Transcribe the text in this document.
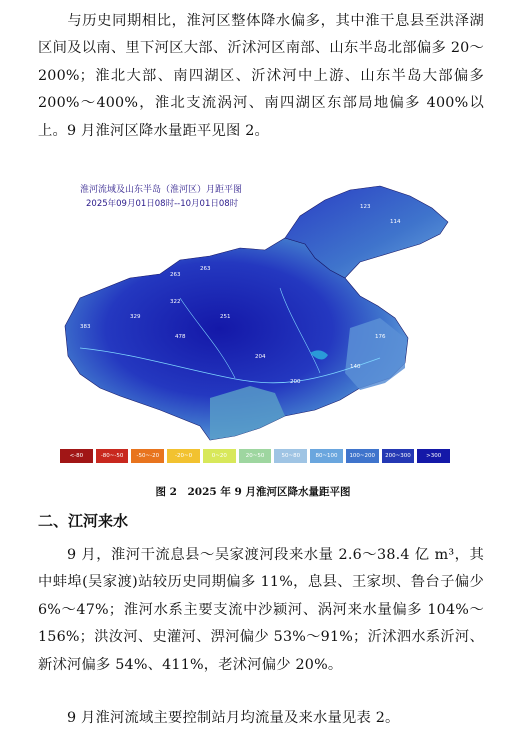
与历史同期相比，淮河区整体降水偏多，其中淮干息县至洪泽湖区间及以南、里下河区大部、沂沭河区南部、山东半岛北部偏多 20～200%；淮北大部、南四湖区、沂沭河中上游、山东半岛大部偏多 200%～400%，淮北支流涡河、南四湖区东部局地偏多 400%以上。9 月淮河区降水量距平见图 2。
123
114
263
263
322
478
383
200
176
162
204
251
178
140
329
淮河流域及山东半岛（淮河区）月距平图
2025年09月01日08时--10月01日08时
<-80	-80~-50	-50~-20	-20~0	0~20	20~50	50~80	80~100	100~200	200~300	>300
图 2　2025 年 9 月淮河区降水量距平图
二、江河来水
9 月，淮河干流息县～吴家渡河段来水量 2.6～38.4 亿 m³，其中蚌埠(吴家渡)站较历史同期偏多 11%，息县、王家坝、鲁台子偏少 6%～47%；淮河水系主要支流中沙颍河、涡河来水量偏多 104%～156%；洪汝河、史灌河、淠河偏少 53%～91%；沂沭泗水系沂河、新沭河偏多 54%、411%，老沭河偏少 20%。
9 月淮河流域主要控制站月均流量及来水量见表 2。
